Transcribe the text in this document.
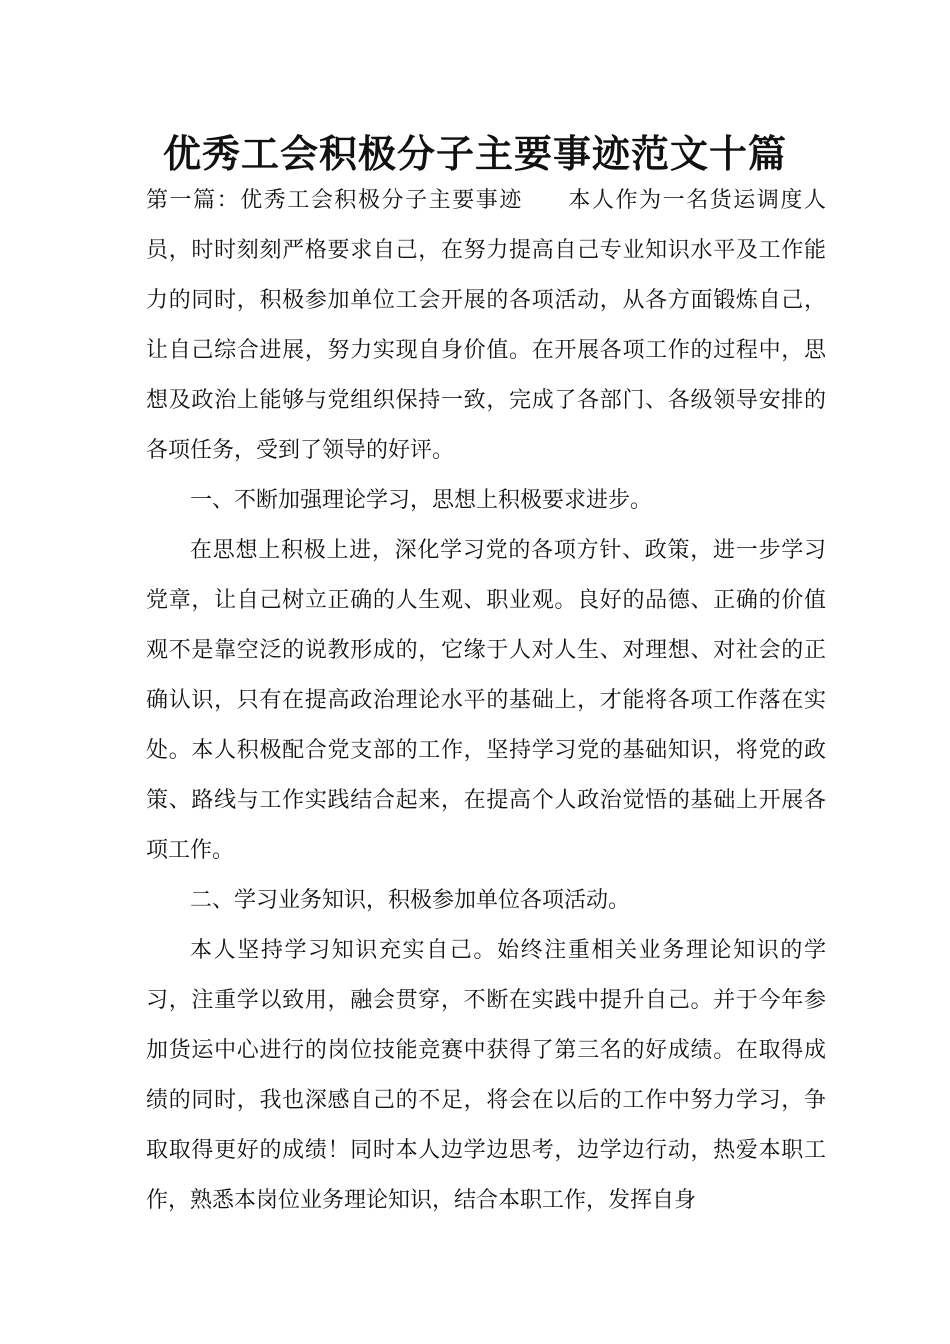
优秀工会积极分子主要事迹范文十篇

第一篇：优秀工会积极分子主要事迹 本人作为一名货运调度人员，时时刻刻严格要求自己，在努力提高自己专业知识水平及工作能力的同时，积极参加单位工会开展的各项活动，从各方面锻炼自己，让自己综合进展，努力实现自身价值。在开展各项工作的过程中，思想及政治上能够与党组织保持一致，完成了各部门、各级领导安排的各项任务，受到了领导的好评。

一、不断加强理论学习，思想上积极要求进步。

在思想上积极上进，深化学习党的各项方针、政策，进一步学习党章，让自己树立正确的人生观、职业观。良好的品德、正确的价值观不是靠空泛的说教形成的，它缘于人对人生、对理想、对社会的正确认识，只有在提高政治理论水平的基础上，才能将各项工作落在实处。本人积极配合党支部的工作，坚持学习党的基础知识，将党的政策、路线与工作实践结合起来，在提高个人政治觉悟的基础上开展各项工作。

二、学习业务知识，积极参加单位各项活动。

本人坚持学习知识充实自己。始终注重相关业务理论知识的学习，注重学以致用，融会贯穿，不断在实践中提升自己。并于今年参加货运中心进行的岗位技能竞赛中获得了第三名的好成绩。在取得成绩的同时，我也深感自己的不足，将会在以后的工作中努力学习，争取取得更好的成绩！同时本人边学边思考，边学边行动，热爱本职工作，熟悉本岗位业务理论知识，结合本职工作，发挥自身
